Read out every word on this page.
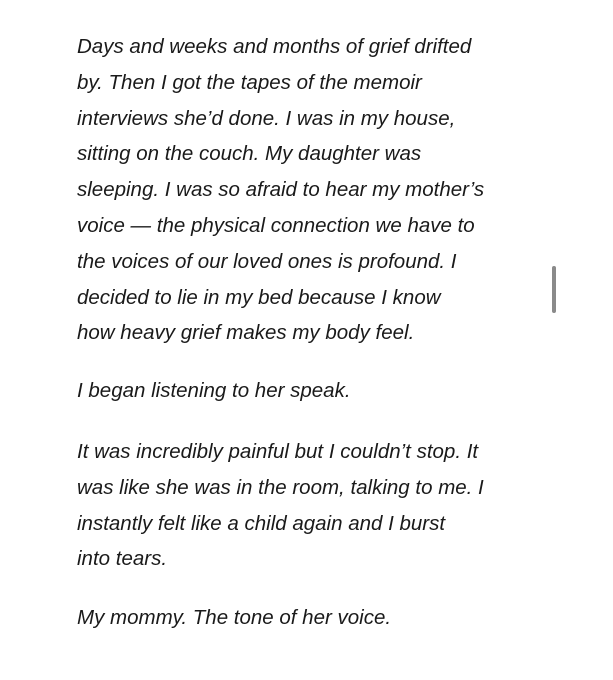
Days and weeks and months of grief drifted
by. Then I got the tapes of the memoir
interviews she’d done. I was in my house,
sitting on the couch. My daughter was
sleeping. I was so afraid to hear my mother’s
voice — the physical connection we have to
the voices of our loved ones is profound. I
decided to lie in my bed because I know
how heavy grief makes my body feel.

I began listening to her speak.

It was incredibly painful but I couldn’t stop. It
was like she was in the room, talking to me. I
instantly felt like a child again and I burst
into tears.

My mommy. The tone of her voice.
